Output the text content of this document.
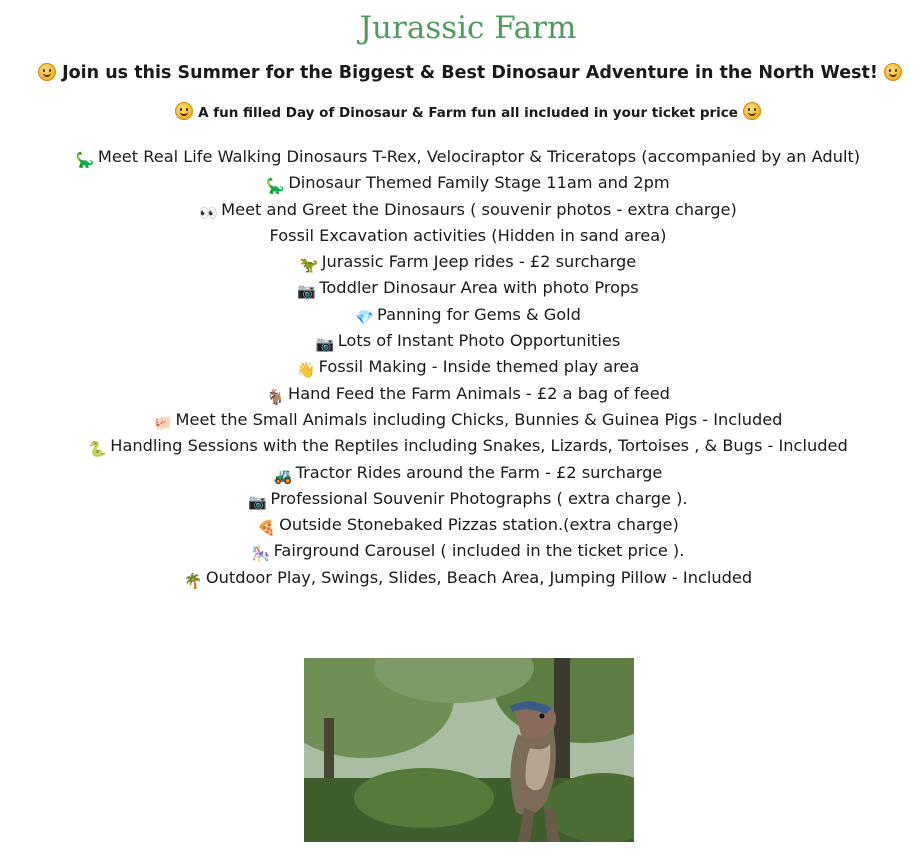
Jurassic Farm
Join us this Summer for the Biggest & Best Dinosaur Adventure in the North West!
A fun filled Day of Dinosaur & Farm fun all included in your ticket price
🦕 Meet Real Life Walking Dinosaurs T-Rex, Velociraptor & Triceratops (accompanied by an Adult)
🦕 Dinosaur Themed Family Stage 11am and 2pm
👀 Meet and Greet the Dinosaurs ( souvenir photos - extra charge)
Fossil Excavation activities (Hidden in sand area)
🦖 Jurassic Farm Jeep rides - £2 surcharge
📷 Toddler Dinosaur Area with photo Props
💎 Panning for Gems & Gold
📷 Lots of Instant Photo Opportunities
👋 Fossil Making - Inside themed play area
🐐 Hand Feed the Farm Animals - £2 a bag of feed
🐖 Meet the Small Animals including Chicks, Bunnies & Guinea Pigs - Included
🐍 Handling Sessions with the Reptiles including Snakes, Lizards, Tortoises , & Bugs - Included
🚜 Tractor Rides around the Farm - £2 surcharge
📷 Professional Souvenir Photographs ( extra charge ).
🍕 Outside Stonebaked Pizzas station.(extra charge)
🎠 Fairground Carousel ( included in the ticket price ).
🌴 Outdoor Play, Swings, Slides, Beach Area, Jumping Pillow - Included
